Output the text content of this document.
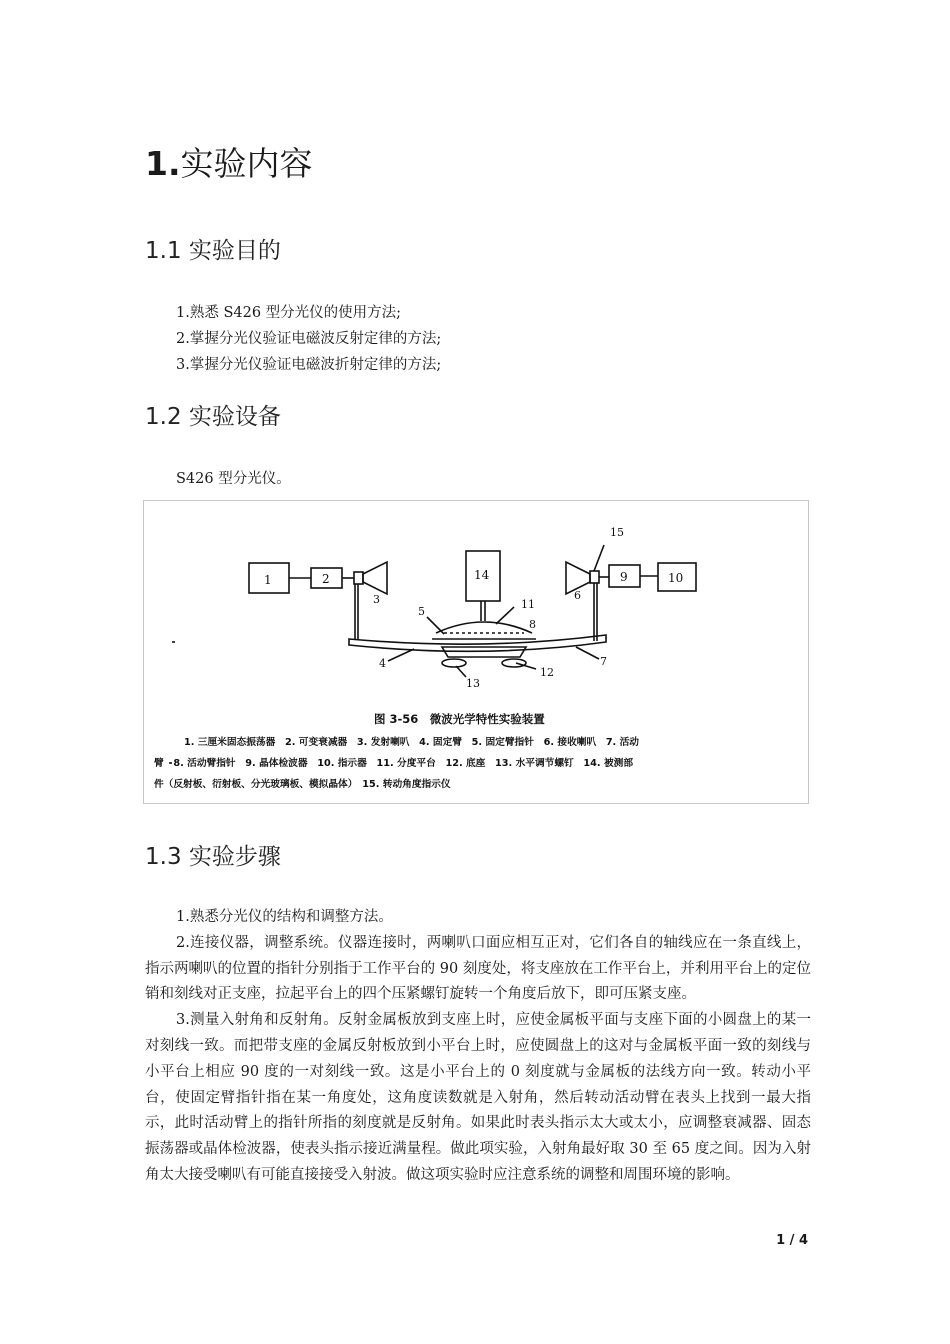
1.实验内容
1.1 实验目的
1.熟悉 S426 型分光仪的使用方法;
2.掌握分光仪验证电磁波反射定律的方法;
3.掌握分光仪验证电磁波折射定律的方法;
1.2 实验设备
S426 型分光仪。
1	2	14	9	10
15
3	6
5
11
8
4	7
12
13
图 3-56　微波光学特性实验装置
1. 三厘米固态振荡器　2. 可变衰减器　3. 发射喇叭　4. 固定臂　5. 固定臂指针　6. 接收喇叭　7. 活动
臂　8. 活动臂指针　9. 晶体检波器　10. 指示器　11. 分度平台　12. 底座　13. 水平调节螺钉　14. 被测部
件（反射板、衍射板、分光玻璃板、模拟晶体）　15. 转动角度指示仪
1.3 实验步骤

1.熟悉分光仪的结构和调整方法。

2.连接仪器，调整系统。仪器连接时，两喇叭口面应相互正对，它们各自的轴线应在一条直线上，指示两喇叭的位置的指针分别指于工作平台的 90 刻度处，将支座放在工作平台上，并利用平台上的定位销和刻线对正支座，拉起平台上的四个压紧螺钉旋转一个角度后放下，即可压紧支座。

3.测量入射角和反射角。反射金属板放到支座上时，应使金属板平面与支座下面的小圆盘上的某一对刻线一致。而把带支座的金属反射板放到小平台上时，应使圆盘上的这对与金属板平面一致的刻线与小平台上相应 90 度的一对刻线一致。这是小平台上的 0 刻度就与金属板的法线方向一致。转动小平台，使固定臂指针指在某一角度处，这角度读数就是入射角，然后转动活动臂在表头上找到一最大指示，此时活动臂上的指针所指的刻度就是反射角。如果此时表头指示太大或太小，应调整衰减器、固态振荡器或晶体检波器，使表头指示接近满量程。做此项实验，入射角最好取 30 至 65 度之间。因为入射角太大接受喇叭有可能直接接受入射波。做这项实验时应注意系统的调整和周围环境的影响。

1 / 4
